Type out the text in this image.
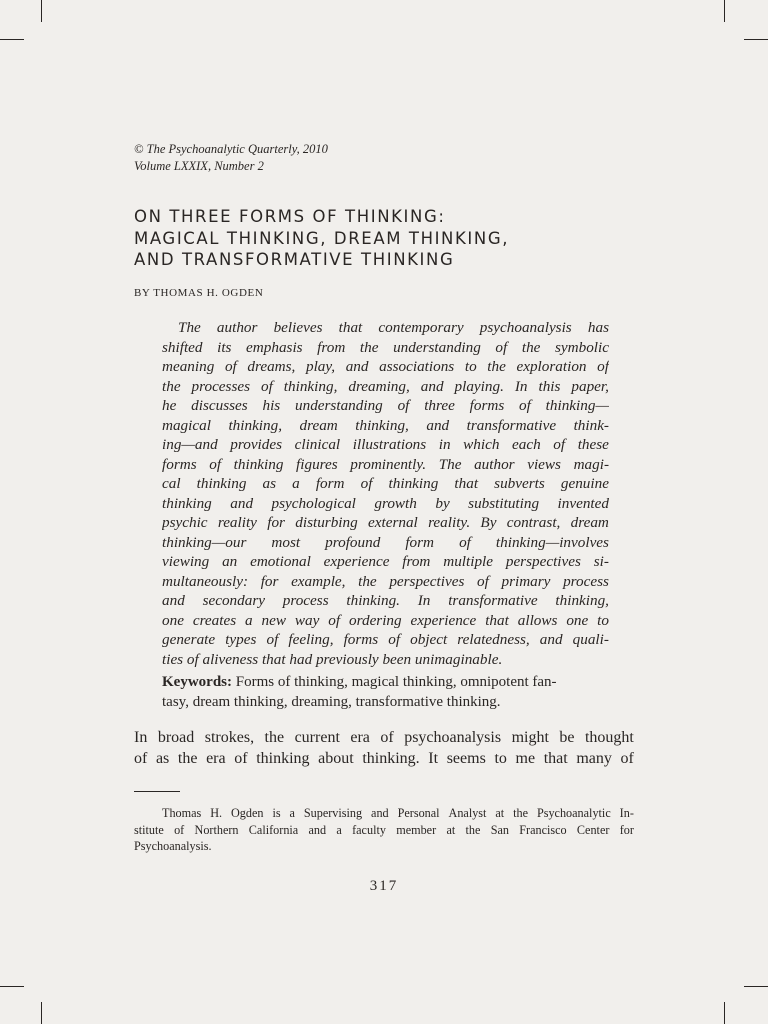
© The Psychoanalytic Quarterly, 2010
Volume LXXIX, Number 2
ON THREE FORMS OF THINKING:
MAGICAL THINKING, DREAM THINKING,
AND TRANSFORMATIVE THINKING
BY THOMAS H. OGDEN
The author believes that contemporary psychoanalysis has
shifted its emphasis from the understanding of the symbolic
meaning of dreams, play, and associations to the exploration of
the processes of thinking, dreaming, and playing. In this paper,
he discusses his understanding of three forms of thinking—
magical thinking, dream thinking, and transformative think-
ing—and provides clinical illustrations in which each of these
forms of thinking figures prominently. The author views magi-
cal thinking as a form of thinking that subverts genuine
thinking and psychological growth by substituting invented
psychic reality for disturbing external reality. By contrast, dream
thinking—our most profound form of thinking—involves
viewing an emotional experience from multiple perspectives si-
multaneously: for example, the perspectives of primary process
and secondary process thinking. In transformative thinking,
one creates a new way of ordering experience that allows one to
generate types of feeling, forms of object relatedness, and quali-
ties of aliveness that had previously been unimaginable.
Keywords: Forms of thinking, magical thinking, omnipotent fan-
tasy, dream thinking, dreaming, transformative thinking.
In broad strokes, the current era of psychoanalysis might be thought
of as the era of thinking about thinking. It seems to me that many of
Thomas H. Ogden is a Supervising and Personal Analyst at the Psychoanalytic In-
stitute of Northern California and a faculty member at the San Francisco Center for
Psychoanalysis.
317
